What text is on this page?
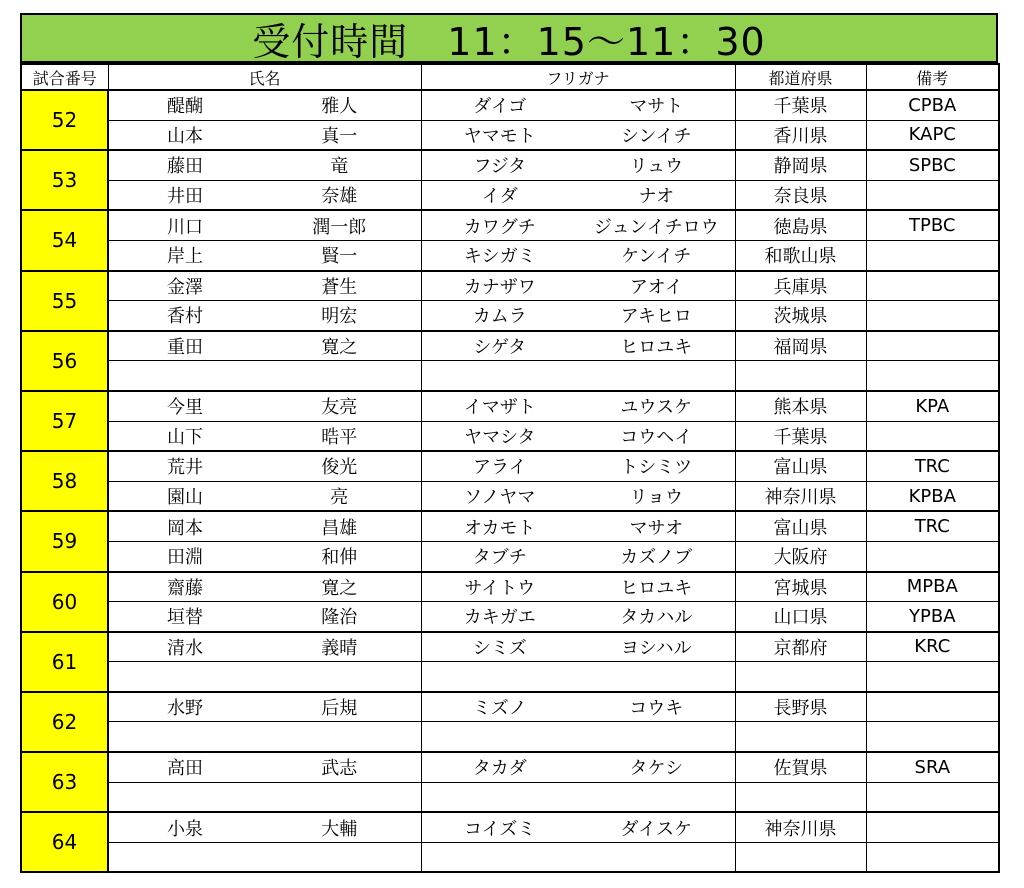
受付時間　11：15～11：30
試合番号	氏名		フリガナ		都道府県	備考
52	醍醐	雅人	ダイゴ	マサト	千葉県	CPBA
	山本	真一	ヤマモト	シンイチ	香川県	KAPC
53	藤田	竜	フジタ	リュウ	静岡県	SPBC
	井田	奈雄	イダ	ナオ	奈良県	
54	川口	潤一郎	カワグチ	ジュンイチロウ	徳島県	TPBC
	岸上	賢一	キシガミ	ケンイチ	和歌山県	
55	金澤	蒼生	カナザワ	アオイ	兵庫県	
	香村	明宏	カムラ	アキヒロ	茨城県	
56	重田	寛之	シゲタ	ヒロユキ	福岡県	

57	今里	友亮	イマザト	ユウスケ	熊本県	KPA
	山下	晧平	ヤマシタ	コウヘイ	千葉県	
58	荒井	俊光	アライ	トシミツ	富山県	TRC
	園山	亮	ソノヤマ	リョウ	神奈川県	KPBA
59	岡本	昌雄	オカモト	マサオ	富山県	TRC
	田淵	和伸	タブチ	カズノブ	大阪府	
60	齋藤	寛之	サイトウ	ヒロユキ	宮城県	MPBA
	垣替	隆治	カキガエ	タカハル	山口県	YPBA
61	清水	義晴	シミズ	ヨシハル	京都府	KRC

62	水野	后規	ミズノ	コウキ	長野県	

63	高田	武志	タカダ	タケシ	佐賀県	SRA

64	小泉	大輔	コイズミ	ダイスケ	神奈川県	
